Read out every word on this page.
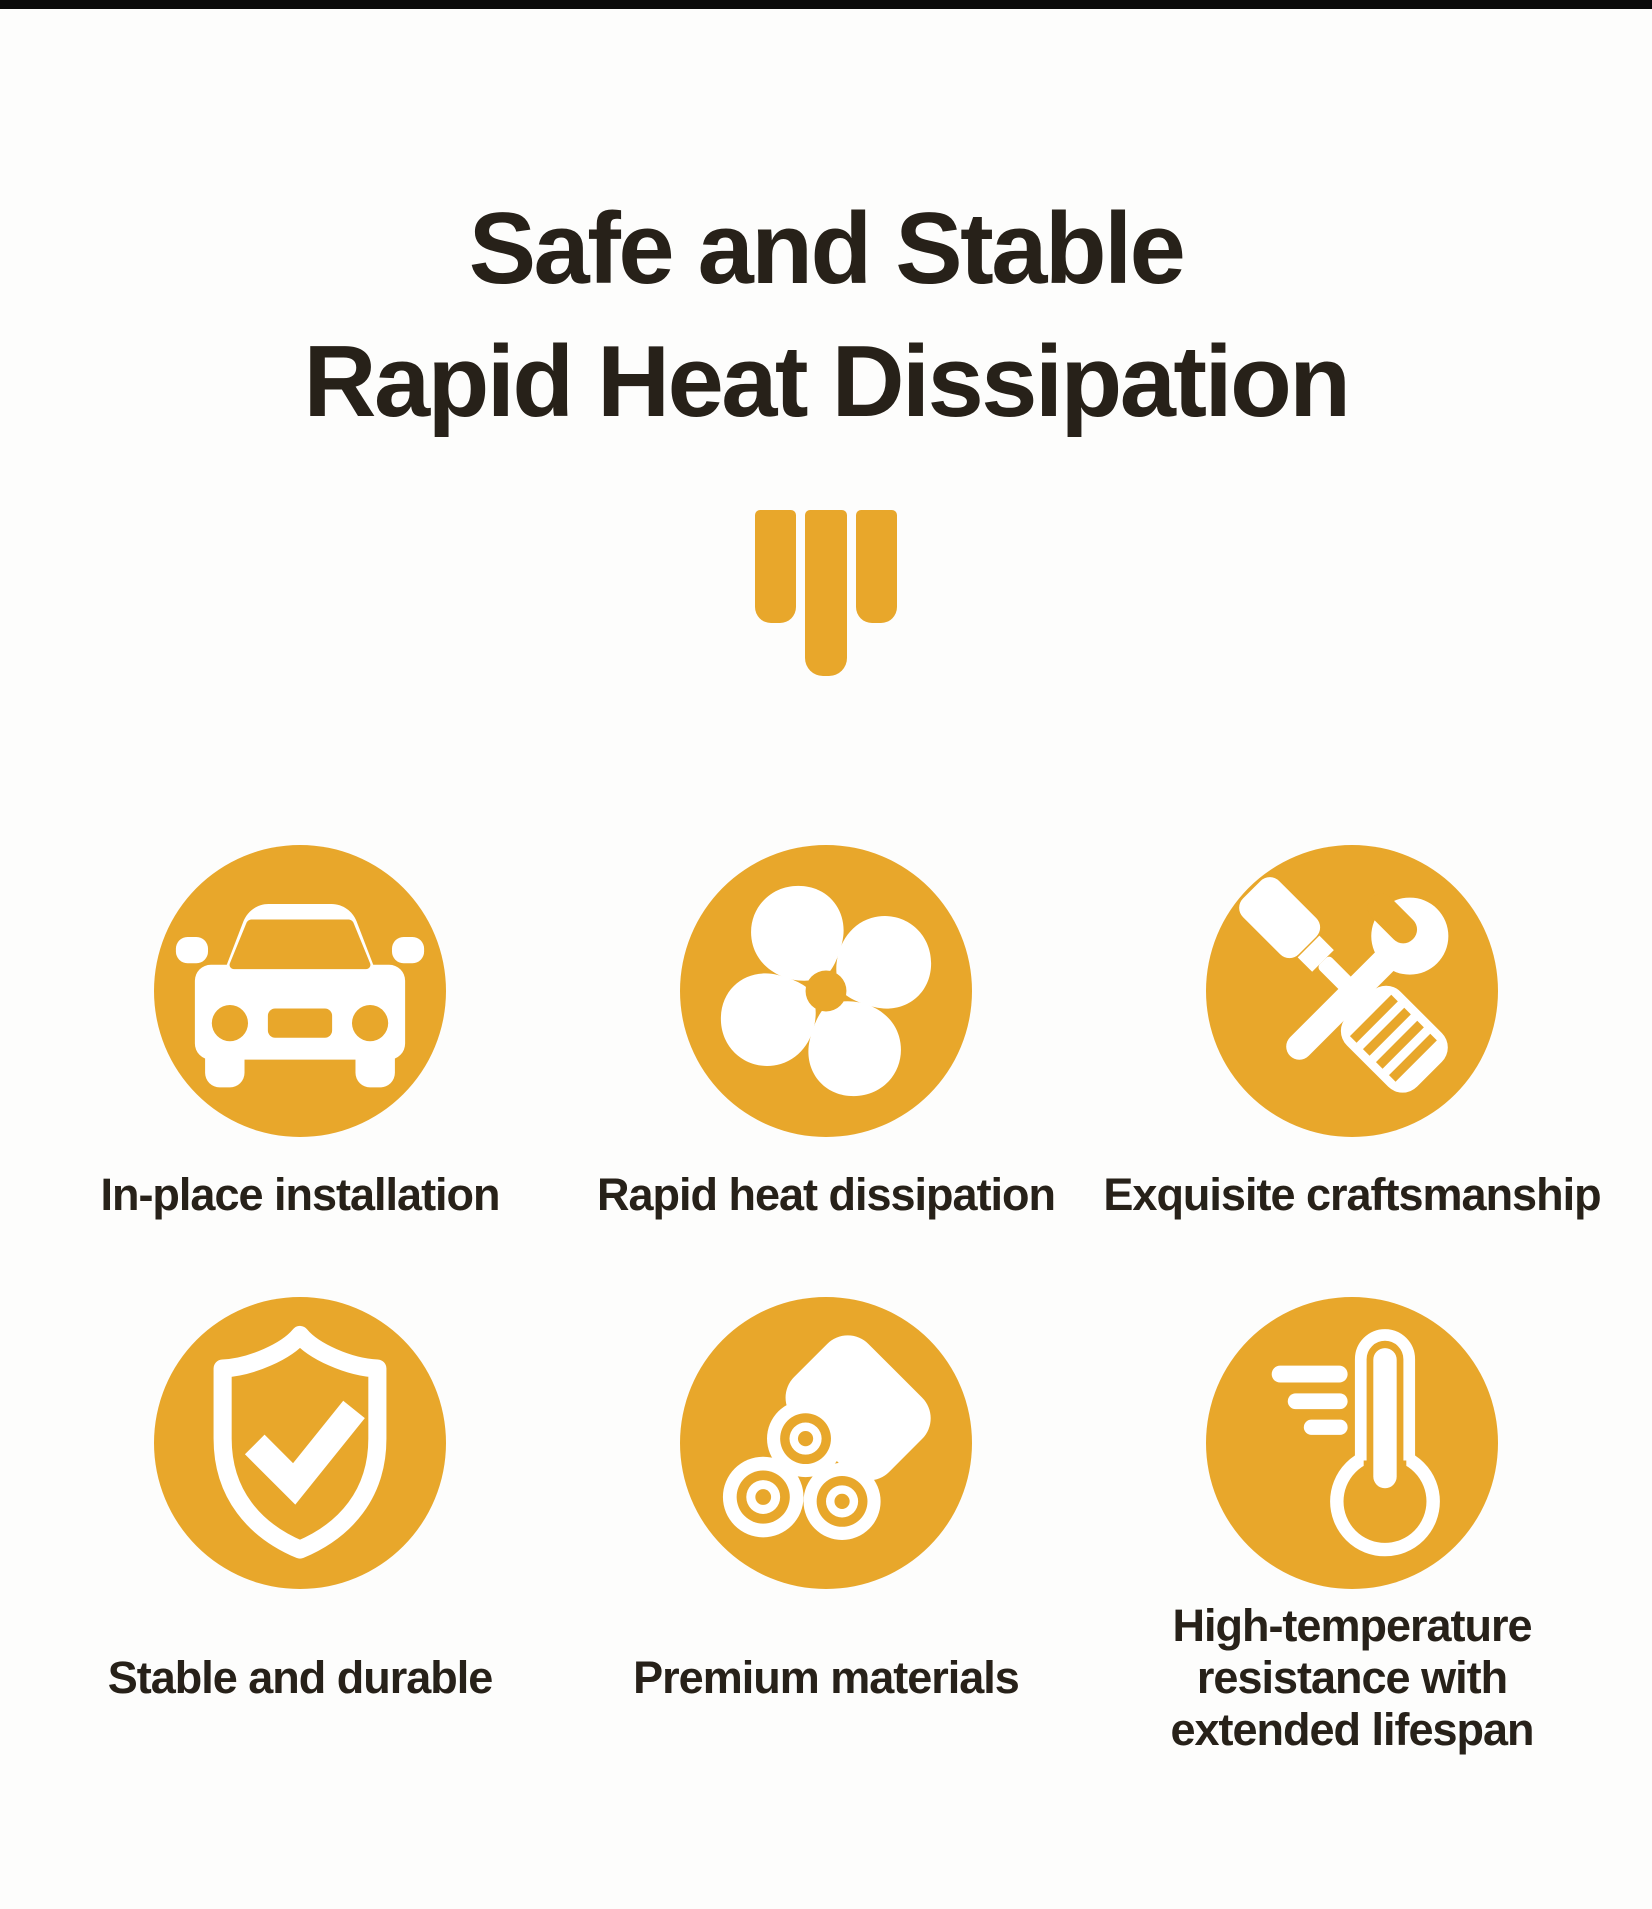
Safe and Stable
Rapid Heat Dissipation
In-place installation Rapid heat dissipation Exquisite craftsmanship
Stable and durable	Premium materials
High-temperature resistance with extended lifespan
